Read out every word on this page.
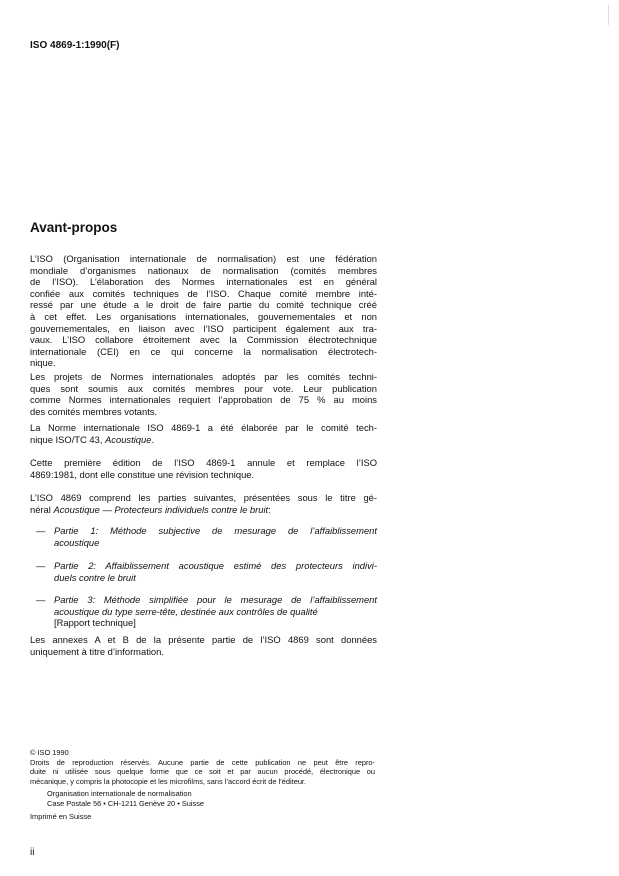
ISO 4869-1:1990(F)
Avant-propos
L’ISO (Organisation internationale de normalisation) est une fédération
mondiale d’organismes nationaux de normalisation (comités membres
de l’ISO). L’élaboration des Normes internationales est en général
confiée aux comités techniques de l’ISO. Chaque comité membre inté-
ressé par une étude a le droit de faire partie du comité technique créé
à cet effet. Les organisations internationales, gouvernementales et non
gouvernementales, en liaison avec l’ISO participent également aux tra-
vaux. L’ISO collabore étroitement avec la Commission électrotechnique
internationale (CEI) en ce qui concerne la normalisation électrotech-
nique.
Les projets de Normes internationales adoptés par les comités techni-
ques sont soumis aux comités membres pour vote. Leur publication
comme Normes internationales requiert l’approbation de 75 % au moins
des comités membres votants.
La Norme internationale ISO 4869-1 a été élaborée par le comité tech-
nique ISO/TC 43, Acoustique.
Cette première édition de l’ISO 4869-1 annule et remplace l’ISO
4869:1981, dont elle constitue une révision technique.
L’ISO 4869 comprend les parties suivantes, présentées sous le titre gé-
néral Acoustique — Protecteurs individuels contre le bruit:
— Partie 1: Méthode subjective de mesurage de l’affaiblissement
acoustique
— Partie 2: Affaiblissement acoustique estimé des protecteurs indivi-
duels contre le bruit
— Partie 3: Méthode simplifiée pour le mesurage de l’affaiblissement
acoustique du type serre-tête, destinée aux contrôles de qualité
[Rapport technique]
Les annexes A et B de la présente partie de l’ISO 4869 sont données
uniquement à titre d’information.
© ISO 1990
Droits de reproduction réservés. Aucune partie de cette publication ne peut être repro-
duite ni utilisée sous quelque forme que ce soit et par aucun procédé, électronique ou
mécanique, y compris la photocopie et les microfilms, sans l’accord écrit de l’éditeur.
Organisation internationale de normalisation
Case Postale 56 • CH-1211 Genève 20 • Suisse
Imprimé en Suisse
ii
